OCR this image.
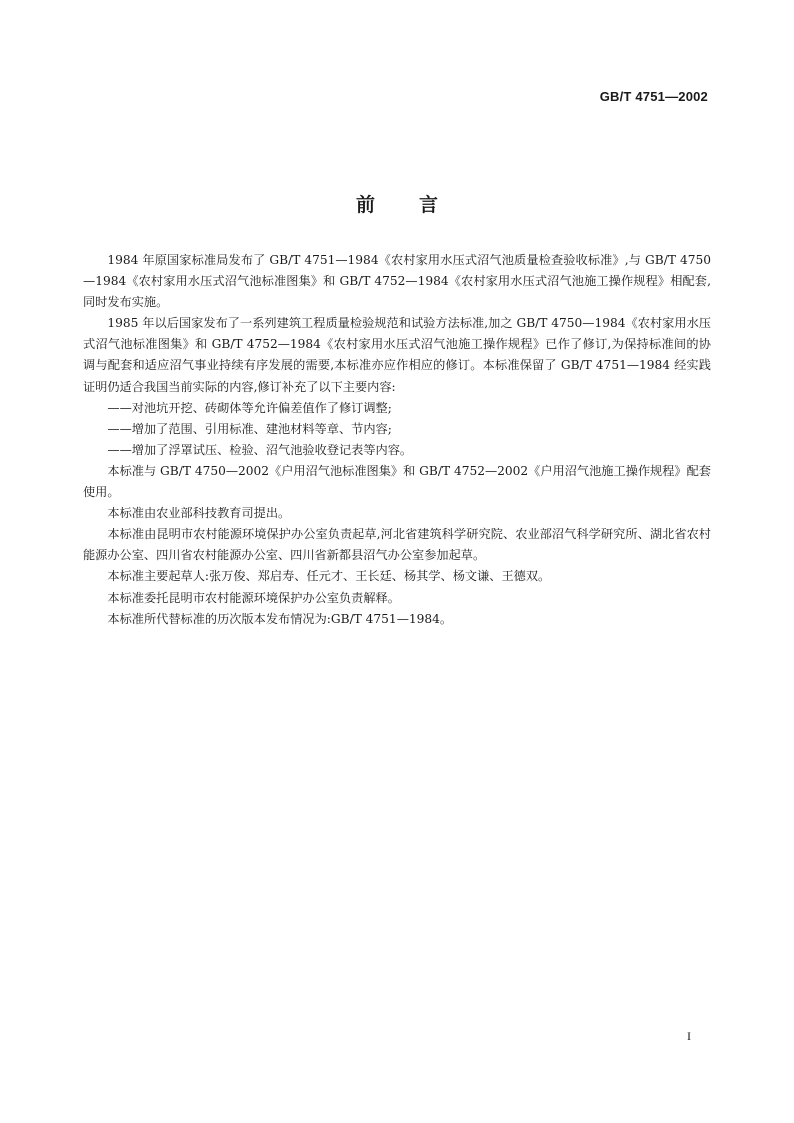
GB/T 4751—2002
前言

1984 年原国家标准局发布了 GB/T 4751—1984《农村家用水压式沼气池质量检查验收标准》,与 GB/T 4750—1984《农村家用水压式沼气池标准图集》和 GB/T 4752—1984《农村家用水压式沼气池施工操作规程》相配套,同时发布实施。

1985 年以后国家发布了一系列建筑工程质量检验规范和试验方法标准,加之 GB/T 4750—1984《农村家用水压式沼气池标准图集》和 GB/T 4752—1984《农村家用水压式沼气池施工操作规程》已作了修订,为保持标准间的协调与配套和适应沼气事业持续有序发展的需要,本标准亦应作相应的修订。本标准保留了 GB/T 4751—1984 经实践证明仍适合我国当前实际的内容,修订补充了以下主要内容:

——对池坑开挖、砖砌体等允许偏差值作了修订调整;

——增加了范围、引用标准、建池材料等章、节内容;

——增加了浮罩试压、检验、沼气池验收登记表等内容。

本标准与 GB/T 4750—2002《户用沼气池标准图集》和 GB/T 4752—2002《户用沼气池施工操作规程》配套使用。

本标准由农业部科技教育司提出。

本标准由昆明市农村能源环境保护办公室负责起草,河北省建筑科学研究院、农业部沼气科学研究所、湖北省农村能源办公室、四川省农村能源办公室、四川省新都县沼气办公室参加起草。

本标准主要起草人:张万俊、郑启寿、任元才、王长廷、杨其学、杨文谦、王德双。

本标准委托昆明市农村能源环境保护办公室负责解释。

本标准所代替标准的历次版本发布情况为:GB/T 4751—1984。

I
